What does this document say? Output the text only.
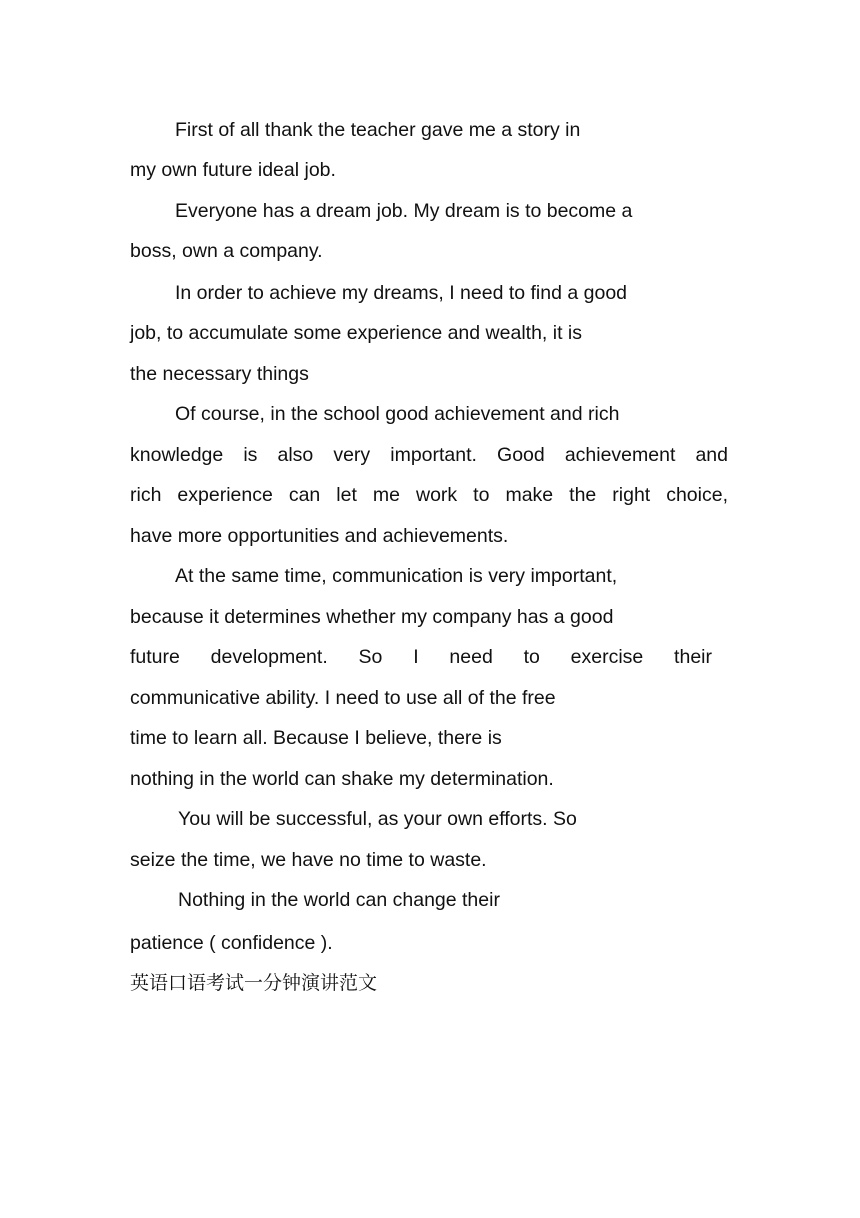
First of all thank the teacher gave me a story in
my own future ideal job.
Everyone has a dream job. My dream is to become a
boss, own a company.
In order to achieve my dreams, I need to find a good
job, to accumulate some experience and wealth, it is
the necessary things
Of course, in the school good achievement and rich
knowledge is also very important. Good achievement and
rich experience can let me work to make the right choice,
have more opportunities and achievements.
At the same time, communication is very important,
because it determines whether my company has a good
future development. So I need to exercise their
communicative ability. I need to use all of the free
time to learn all. Because I believe, there is
nothing in the world can shake my determination.
You will be successful, as your own efforts. So
seize the time, we have no time to waste.
Nothing in the world can change their
patience ( confidence ).
英语口语考试一分钟演讲范文
